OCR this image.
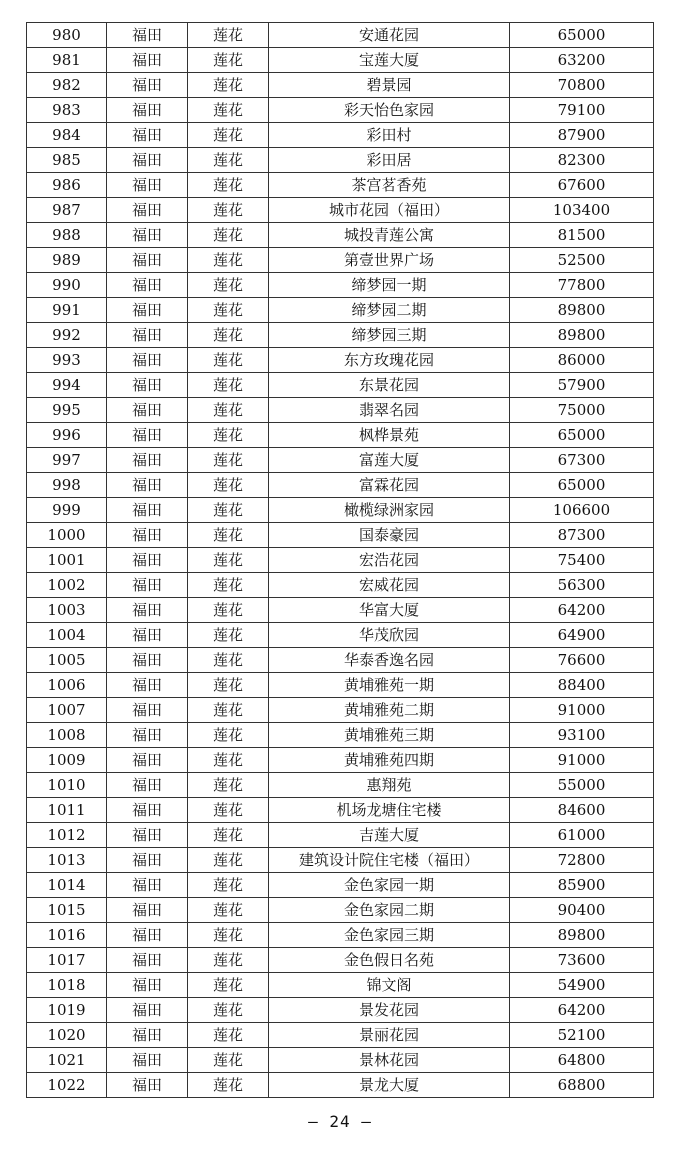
980	福田	莲花	安通花园	65000
981	福田	莲花	宝莲大厦	63200
982	福田	莲花	碧景园	70800
983	福田	莲花	彩天怡色家园	79100
984	福田	莲花	彩田村	87900
985	福田	莲花	彩田居	82300
986	福田	莲花	茶宫茗香苑	67600
987	福田	莲花	城市花园（福田）	103400
988	福田	莲花	城投青莲公寓	81500
989	福田	莲花	第壹世界广场	52500
990	福田	莲花	缔梦园一期	77800
991	福田	莲花	缔梦园二期	89800
992	福田	莲花	缔梦园三期	89800
993	福田	莲花	东方玫瑰花园	86000
994	福田	莲花	东景花园	57900
995	福田	莲花	翡翠名园	75000
996	福田	莲花	枫桦景苑	65000
997	福田	莲花	富莲大厦	67300
998	福田	莲花	富霖花园	65000
999	福田	莲花	橄榄绿洲家园	106600
1000	福田	莲花	国泰豪园	87300
1001	福田	莲花	宏浩花园	75400
1002	福田	莲花	宏威花园	56300
1003	福田	莲花	华富大厦	64200
1004	福田	莲花	华茂欣园	64900
1005	福田	莲花	华泰香逸名园	76600
1006	福田	莲花	黄埔雅苑一期	88400
1007	福田	莲花	黄埔雅苑二期	91000
1008	福田	莲花	黄埔雅苑三期	93100
1009	福田	莲花	黄埔雅苑四期	91000
1010	福田	莲花	惠翔苑	55000
1011	福田	莲花	机场龙塘住宅楼	84600
1012	福田	莲花	吉莲大厦	61000
1013	福田	莲花	建筑设计院住宅楼（福田）	72800
1014	福田	莲花	金色家园一期	85900
1015	福田	莲花	金色家园二期	90400
1016	福田	莲花	金色家园三期	89800
1017	福田	莲花	金色假日名苑	73600
1018	福田	莲花	锦文阁	54900
1019	福田	莲花	景发花园	64200
1020	福田	莲花	景丽花园	52100
1021	福田	莲花	景林花园	64800
1022	福田	莲花	景龙大厦	68800
– 24 –
